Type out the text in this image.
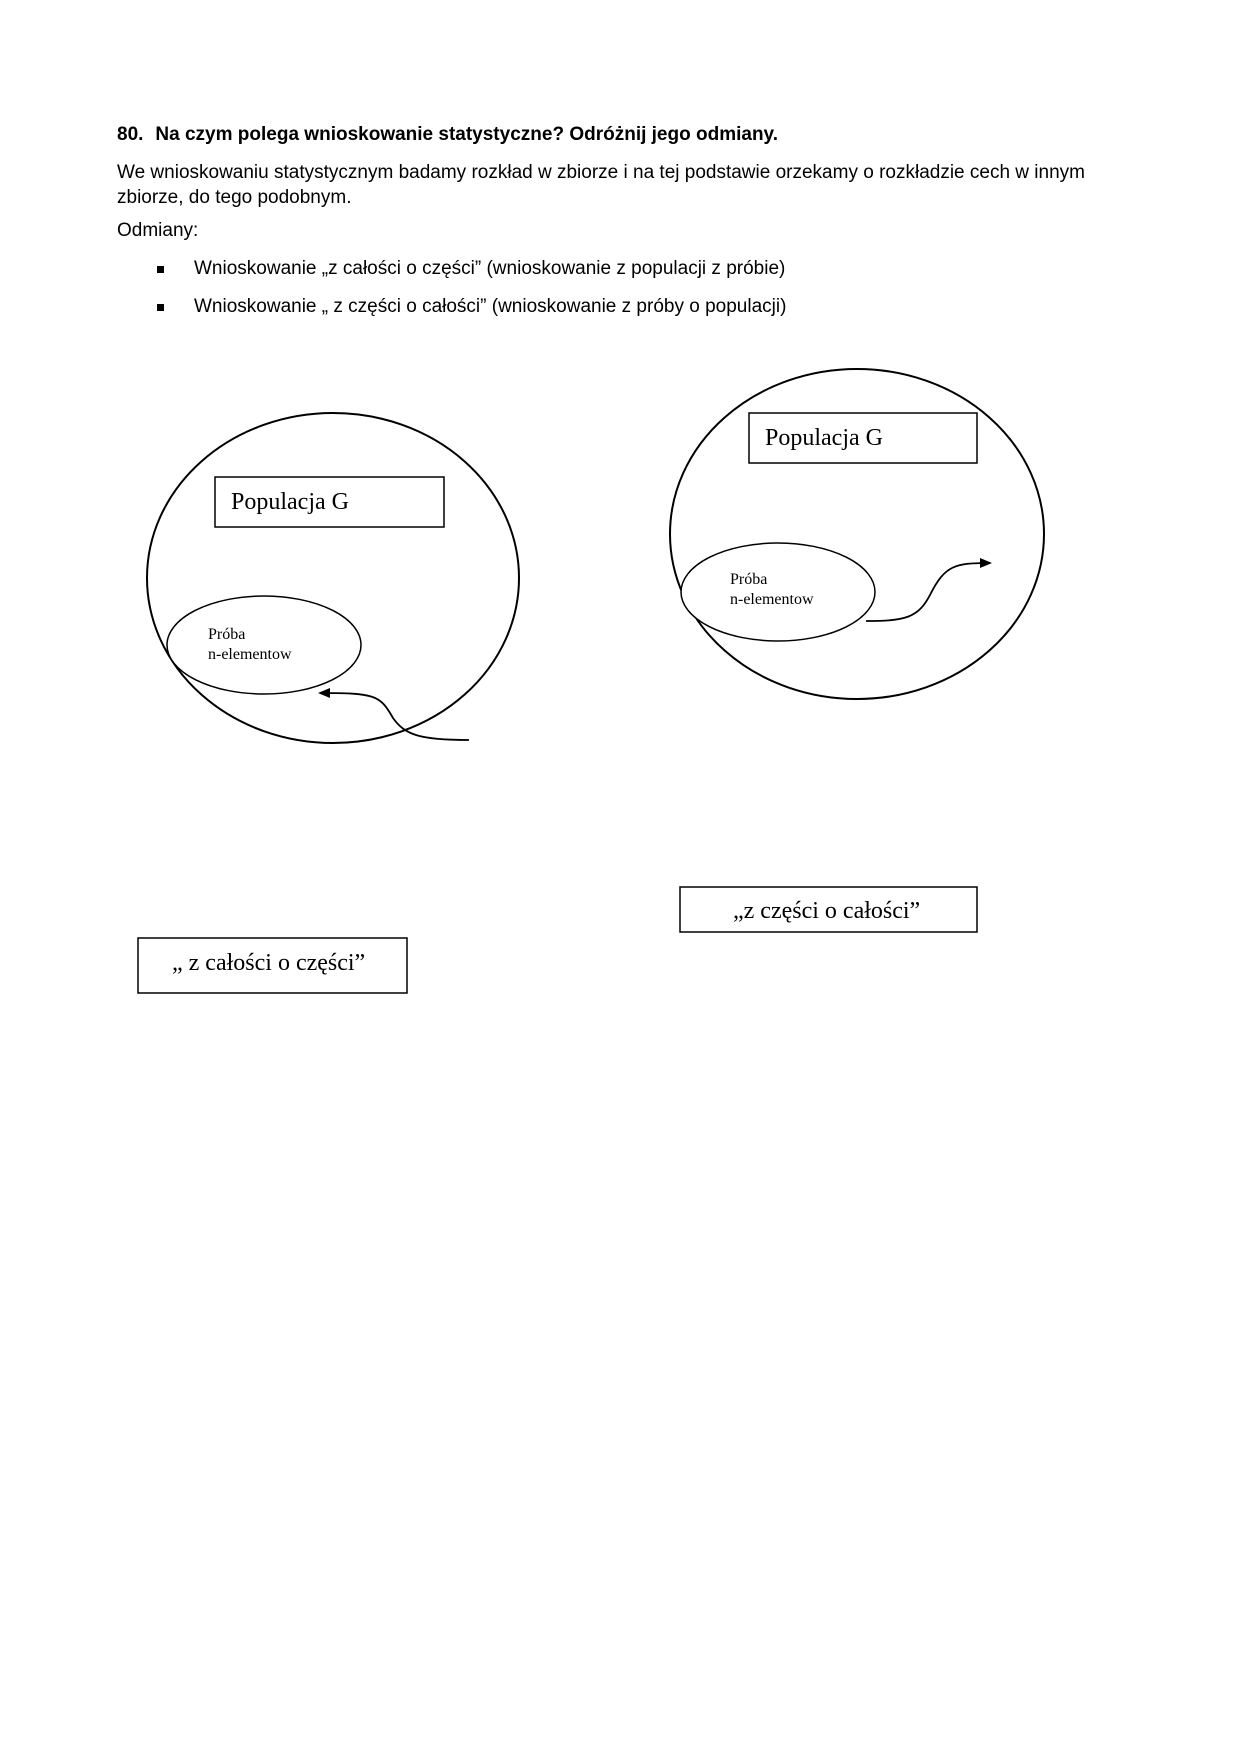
80. Na czym polega wnioskowanie statystyczne? Odróżnij jego odmiany.
We wnioskowaniu statystycznym badamy rozkład w zbiorze i na tej podstawie orzekamy o rozkładzie cech w innym zbiorze, do tego podobnym.
Odmiany:
Wnioskowanie „z całości o części” (wnioskowanie z populacji z próbie)
Wnioskowanie „ z części o całości” (wnioskowanie z próby o populacji)
Populacja G
Próba
n-elementow
„ z całości o części”
Populacja G
Próba
n-elementow
„z części o całości”
